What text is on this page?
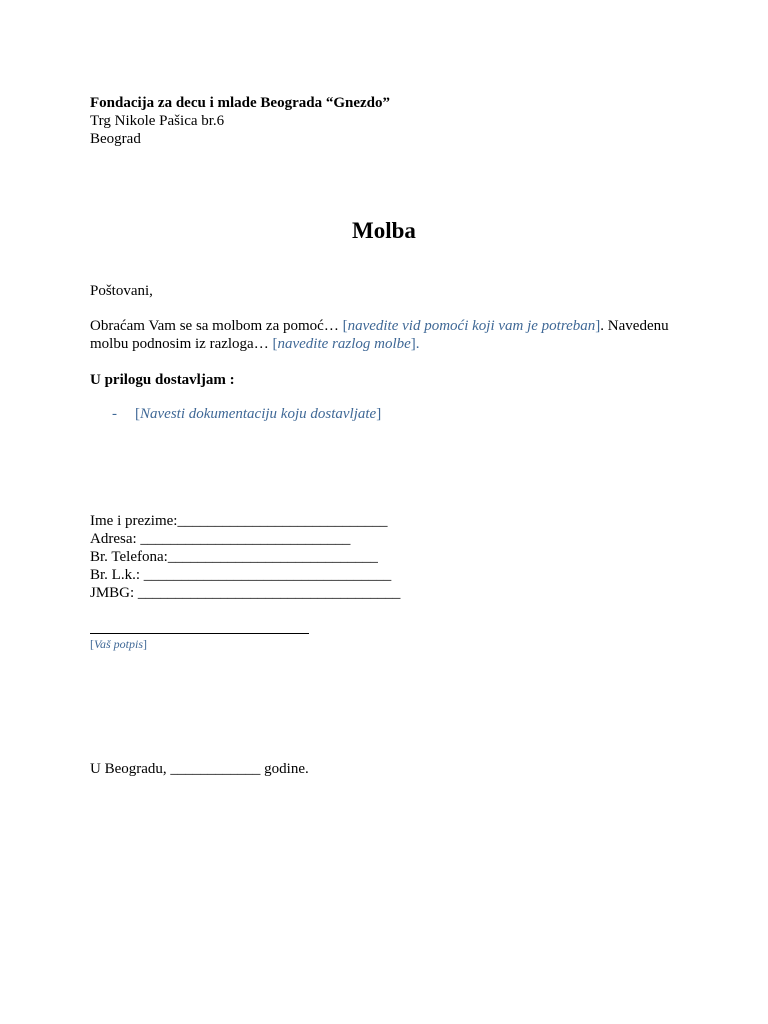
Fondacija za decu i mlade Beograda “Gnezdo”
Trg Nikole Pašica br.6
Beograd
Molba
Poštovani,
Obraćam Vam se sa molbom za pomoć… [navedite vid pomoći koji vam je potreban]. Navedenu
molbu podnosim iz razloga… [navedite razlog molbe].
U prilogu dostavljam :
- [Navesti dokumentaciju koju dostavljate]
Ime i prezime:____________________________
Adresa: ____________________________
Br. Telefona:____________________________
Br. L.k.: _________________________________
JMBG: ___________________________________
[Vaš potpis]
U Beogradu, ____________ godine.
